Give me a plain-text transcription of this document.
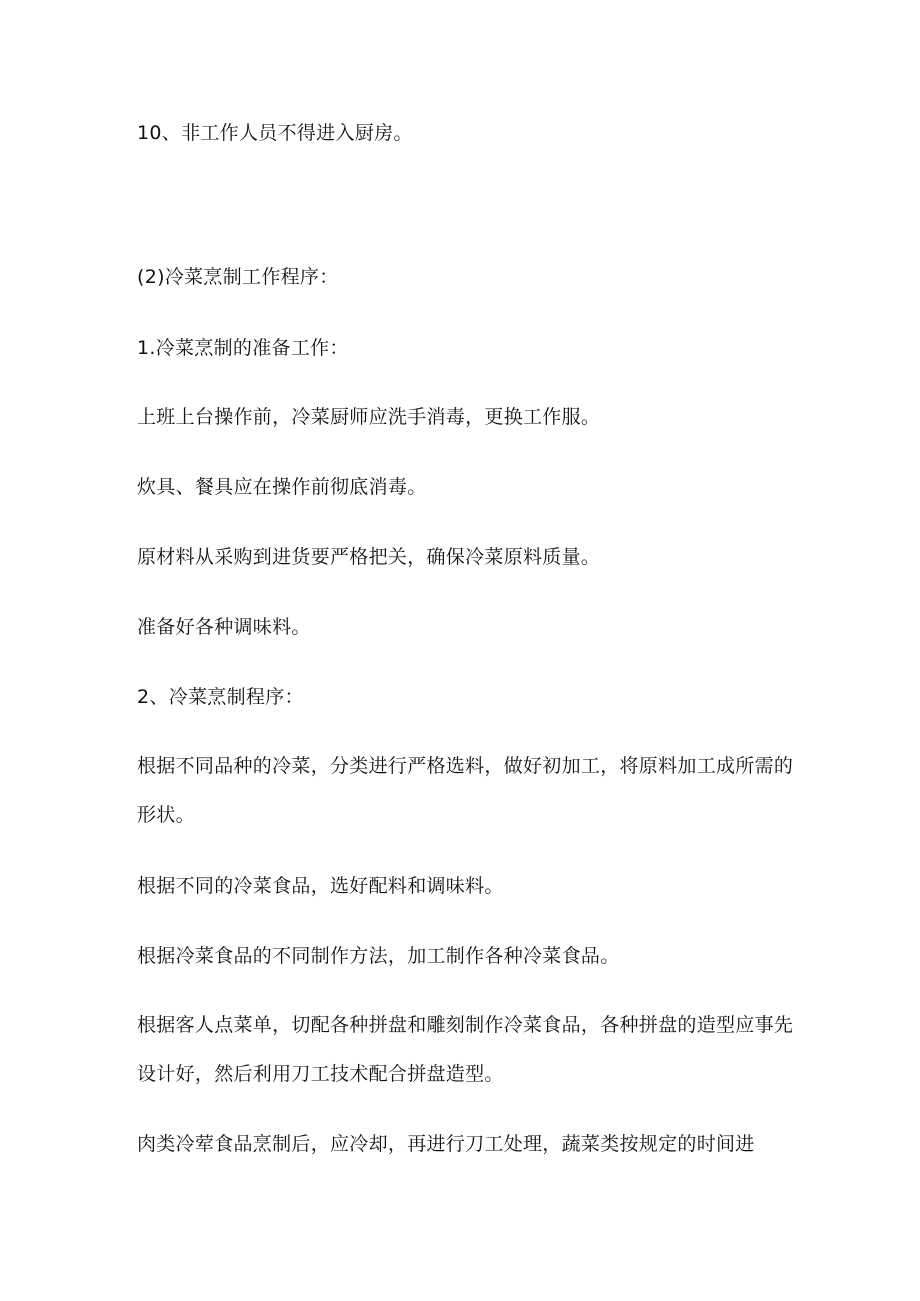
10、非工作人员不得进入厨房。

(2)冷菜烹制工作程序：

1.冷菜烹制的准备工作：

上班上台操作前，冷菜厨师应洗手消毒，更换工作服。

炊具、餐具应在操作前彻底消毒。

原材料从采购到进货要严格把关，确保冷菜原料质量。

准备好各种调味料。

2、冷菜烹制程序：

根据不同品种的冷菜，分类进行严格选料，做好初加工，将原料加工成所需的形状。

根据不同的冷菜食品，选好配料和调味料。

根据冷菜食品的不同制作方法，加工制作各种冷菜食品。

根据客人点菜单，切配各种拼盘和雕刻制作冷菜食品，各种拼盘的造型应事先设计好，然后利用刀工技术配合拼盘造型。

肉类冷荤食品烹制后，应冷却，再进行刀工处理，蔬菜类按规定的时间进
